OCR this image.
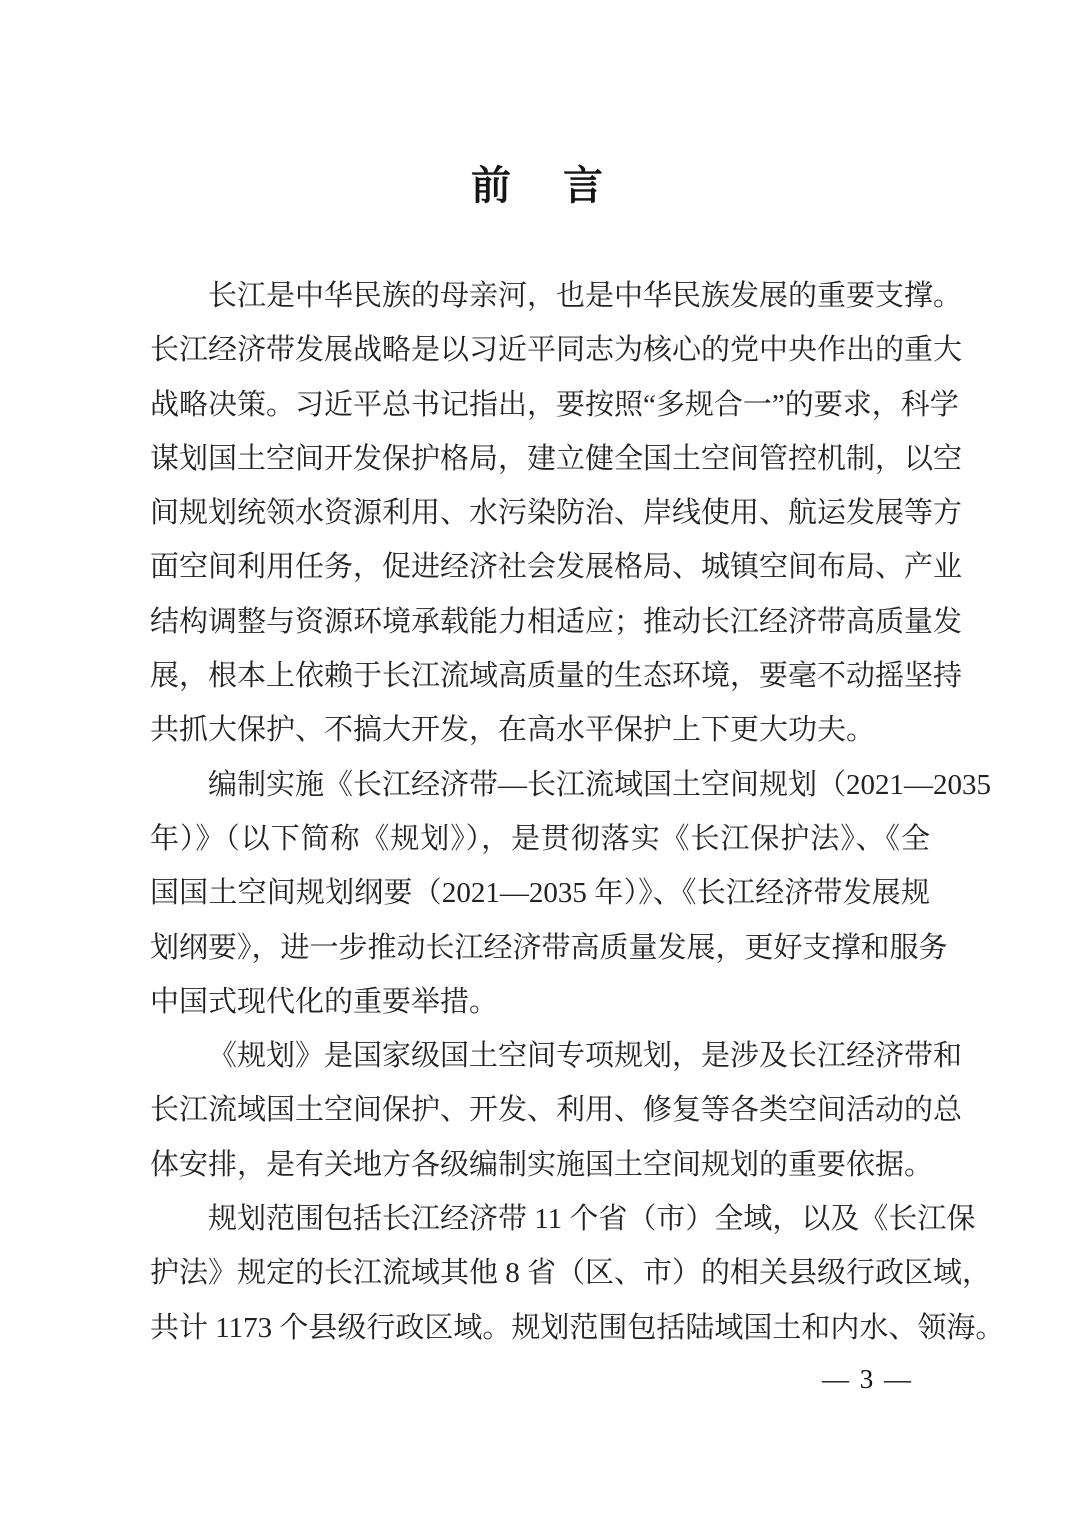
前　言
长江是中华民族的母亲河，也是中华民族发展的重要支撑。
长江经济带发展战略是以习近平同志为核心的党中央作出的重大
战略决策。习近平总书记指出，要按照“多规合一”的要求，科学
谋划国土空间开发保护格局，建立健全国土空间管控机制，以空
间规划统领水资源利用、水污染防治、岸线使用、航运发展等方
面空间利用任务，促进经济社会发展格局、城镇空间布局、产业
结构调整与资源环境承载能力相适应；推动长江经济带高质量发
展，根本上依赖于长江流域高质量的生态环境，要毫不动摇坚持
共抓大保护、不搞大开发，在高水平保护上下更大功夫。
编制实施《长江经济带—长江流域国土空间规划（2021—2035
年）》（以下简称《规划》），是贯彻落实《长江保护法》、《全
国国土空间规划纲要（2021—2035 年）》、《长江经济带发展规
划纲要》，进一步推动长江经济带高质量发展，更好支撑和服务
中国式现代化的重要举措。
《规划》是国家级国土空间专项规划，是涉及长江经济带和
长江流域国土空间保护、开发、利用、修复等各类空间活动的总
体安排，是有关地方各级编制实施国土空间规划的重要依据。
规划范围包括长江经济带 11 个省（市）全域，以及《长江保
护法》规定的长江流域其他 8 省（区、市）的相关县级行政区域，
共计 1173 个县级行政区域。规划范围包括陆域国土和内水、领海。
— 3 —
